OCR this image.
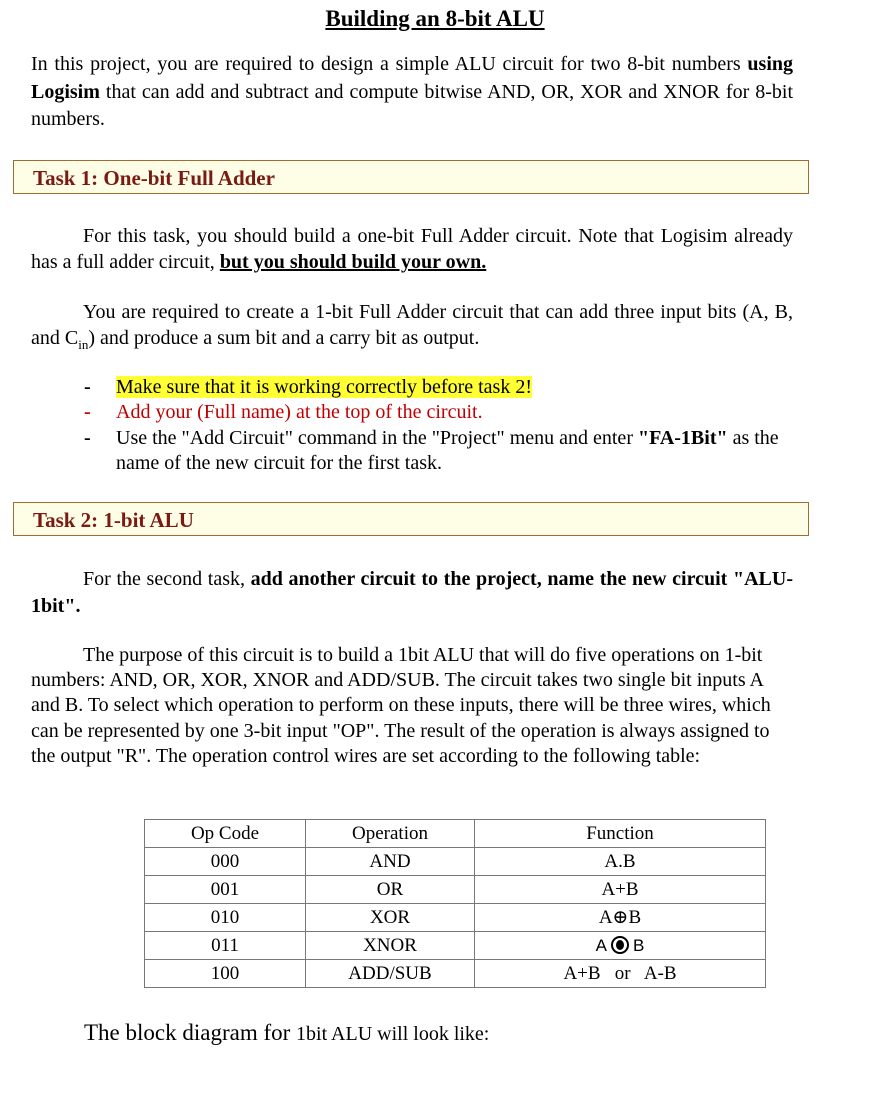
Building an 8-bit ALU
In this project, you are required to design a simple ALU circuit for two 8-bit numbers using Logisim that can add and subtract and compute bitwise AND, OR, XOR and XNOR for 8-bit numbers.
Task 1: One-bit Full Adder
For this task, you should build a one-bit Full Adder circuit. Note that Logisim already has a full adder circuit, but you should build your own.
You are required to create a 1-bit Full Adder circuit that can add three input bits (A, B, and $C_{in}$) and produce a sum bit and a carry bit as output.
- Make sure that it is working correctly before task 2!
- Add your (Full name) at the top of the circuit.
- Use the "Add Circuit" command in the "Project" menu and enter "FA-1Bit" as the name of the new circuit for the first task.
Task 2: 1-bit ALU
For the second task, add another circuit to the project, name the new circuit "ALU-1bit".
The purpose of this circuit is to build a 1bit ALU that will do five operations on 1-bit numbers: AND, OR, XOR, XNOR and ADD/SUB. The circuit takes two single bit inputs A and B. To select which operation to perform on these inputs, there will be three wires, which can be represented by one 3-bit input "OP". The result of the operation is always assigned to the output "R". The operation control wires are set according to the following table:
Op Code	Operation	Function
000	AND	A.B
001	OR	A+B
010	XOR	A⊕B
011	XNOR	A B
100	ADD/SUB	A+B   or   A-B
The block diagram for 1bit ALU will look like:
